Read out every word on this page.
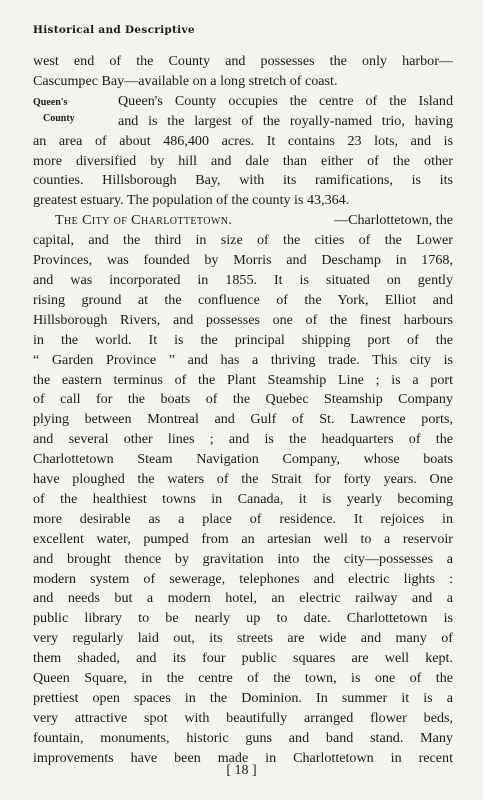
Historical and Descriptive
Queen's
County
west end of the County and possesses the only harbor—
Cascumpec Bay—available on a long stretch of coast.
Queen's County occupies the centre of the Island
and is the largest of the royally-named trio, having
an area of about 486,400 acres. It contains 23 lots, and is
more diversified by hill and dale than either of the other
counties. Hillsborough Bay, with its ramifications, is its
greatest estuary. The population of the county is 43,364.
The City of Charlottetown.	—Charlottetown, the
capital, and the third in size of the cities of the Lower
Provinces, was founded by Morris and Deschamp in 1768,
and was incorporated in 1855. It is situated on gently
rising ground at the confluence of the York, Elliot and
Hillsborough Rivers, and possesses one of the finest harbours
in the world. It is the principal shipping port of the
“ Garden Province ” and has a thriving trade. This city is
the eastern terminus of the Plant Steamship Line ; is a port
of call for the boats of the Quebec Steamship Company
plying between Montreal and Gulf of St. Lawrence ports,
and several other lines ; and is the headquarters of the
Charlottetown Steam Navigation Company, whose boats
have ploughed the waters of the Strait for forty years. One
of the healthiest towns in Canada, it is yearly becoming
more desirable as a place of residence. It rejoices in
excellent water, pumped from an artesian well to a reservoir
and brought thence by gravitation into the city—possesses a
modern system of sewerage, telephones and electric lights :
and needs but a modern hotel, an electric railway and a
public library to be nearly up to date. Charlottetown is
very regularly laid out, its streets are wide and many of
them shaded, and its four public squares are well kept.
Queen Square, in the centre of the town, is one of the
prettiest open spaces in the Dominion. In summer it is a
very attractive spot with beautifully arranged flower beds,
fountain, monuments, historic guns and band stand. Many
improvements have been made in Charlottetown in recent
[ 18 ]
